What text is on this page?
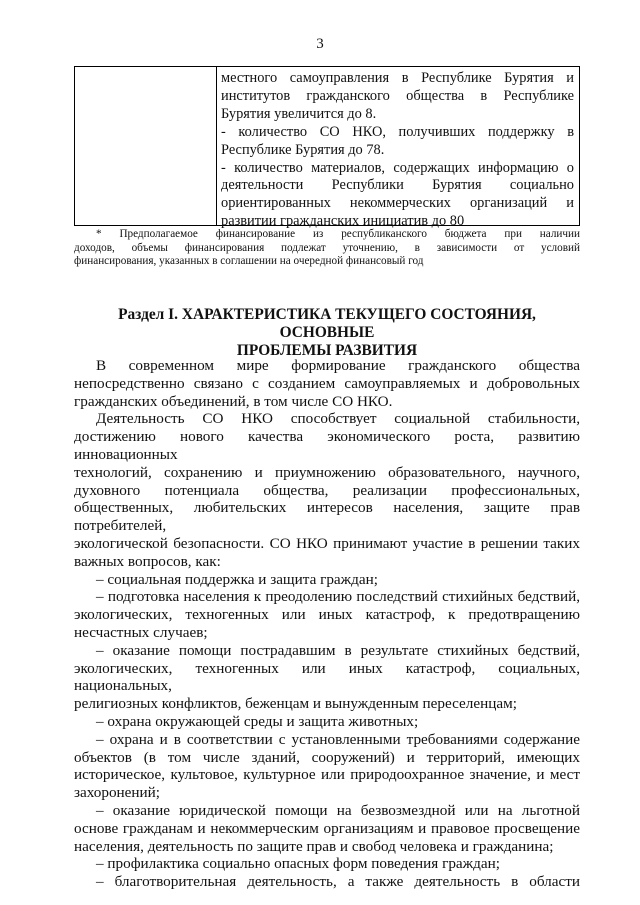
3

местного самоуправления в Республике Бурятия и

институтов гражданского общества в Республике

Бурятия увеличится до 8.

- количество СО НКО, получивших поддержку в

Республике Бурятия до 78.

- количество материалов, содержащих информацию о

деятельности Республики Бурятия социально

ориентированных некоммерческих организаций и

развитии гражданских инициатив до 80

* Предполагаемое финансирование из республиканского бюджета при наличии

доходов, объемы финансирования подлежат уточнению, в зависимости от условий

финансирования, указанных в соглашении на очередной финансовый год

Раздел I. ХАРАКТЕРИСТИКА ТЕКУЩЕГО СОСТОЯНИЯ, ОСНОВНЫЕ

ПРОБЛЕМЫ РАЗВИТИЯ

В современном мире формирование гражданского общества

непосредственно связано с созданием самоуправляемых и добровольных

гражданских объединений, в том числе СО НКО.

Деятельность СО НКО способствует социальной стабильности,

достижению нового качества экономического роста, развитию инновационных

технологий, сохранению и приумножению образовательного, научного,

духовного потенциала общества, реализации профессиональных,

общественных, любительских интересов населения, защите прав потребителей,

экологической безопасности. СО НКО принимают участие в решении таких

важных вопросов, как:

– социальная поддержка и защита граждан;

– подготовка населения к преодолению последствий стихийных бедствий,

экологических, техногенных или иных катастроф, к предотвращению

несчастных случаев;

– оказание помощи пострадавшим в результате стихийных бедствий,

экологических, техногенных или иных катастроф, социальных, национальных,

религиозных конфликтов, беженцам и вынужденным переселенцам;

– охрана окружающей среды и защита животных;

– охрана и в соответствии с установленными требованиями содержание

объектов (в том числе зданий, сооружений) и территорий, имеющих

историческое, культовое, культурное или природоохранное значение, и мест

захоронений;

– оказание юридической помощи на безвозмездной или на льготной

основе гражданам и некоммерческим организациям и правовое просвещение

населения, деятельность по защите прав и свобод человека и гражданина;

– профилактика социально опасных форм поведения граждан;

– благотворительная деятельность, а также деятельность в области
